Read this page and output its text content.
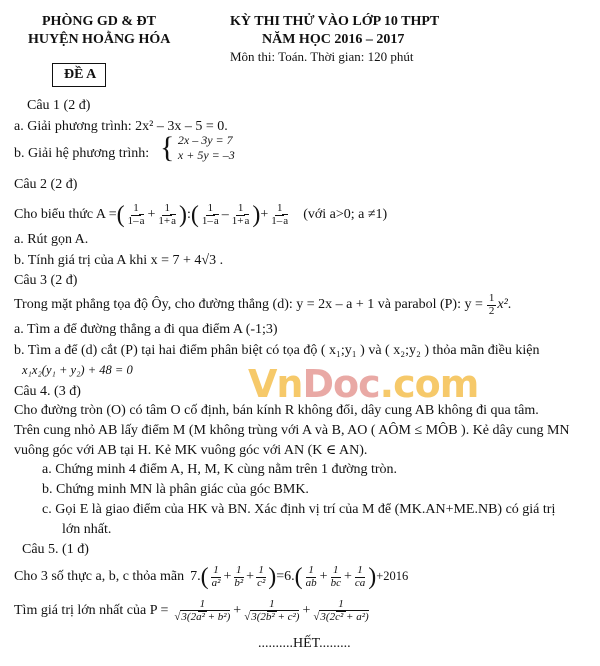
PHÒNG GD & ĐT
HUYỆN HOẰNG HÓA
ĐỀ A
KỲ THI THỬ VÀO LỚP 10 THPT
NĂM HỌC 2016 – 2017
Môn thi: Toán. Thời gian: 120 phút
Câu 1 (2 đ)
a. Giải phương trình: 2x² – 3x – 5 = 0.
b. Giải hệ phương trình: { 2x – 3y = 7
x + 5y = –3
Câu 2 (2 đ)
Cho biểu thức A = ( $\frac{1}{1-a} + \frac{1}{1+a}$ ) : ( $\frac{1}{1-a} - \frac{1}{1+a}$ ) + $\frac{1}{1-a}$ (với a>0; a ≠1)
a. Rút gọn A.
b. Tính giá trị của A khi x = 7 + 4√3 .
Câu 3 (2 đ)
Trong mặt phẳng tọa độ Ôy, cho đường thẳng (d): y = 2x – a + 1 và parabol (P): $y = \frac{1}{2} x^2$ .
a. Tìm a để đường thẳng a đi qua điểm A (-1;3)
b. Tìm a để (d) cắt (P) tại hai điểm phân biệt có tọa độ ( x₁;y₁ ) và ( x₂;y₂ ) thỏa mãn điều kiện
x₁x₂(y₁ + y₂) + 48 = 0
Câu 4. (3 đ)
Cho đường tròn (O) có tâm O cố định, bán kính R không đổi, dây cung AB không đi qua tâm.
Trên cung nhỏ AB lấy điểm M (M không trùng với A và B, AO ( AÔM ≤ MÔB ). Kẻ dây cung MN
vuông góc với AB tại H. Kẻ MK vuông góc với AN (K ∈ AN).
a. Chứng minh 4 điểm A, H, M, K cùng nằm trên 1 đường tròn.
b. Chứng minh MN là phân giác của góc BMK.
c. Gọi E là giao điểm của HK và BN. Xác định vị trí của M để (MK.AN+ME.NB) có giá trị
lớn nhất.
Câu 5. (1 đ)
Cho 3 số thực a, b, c thỏa mãn 7. ( $\frac{1}{\text{a²}} + \frac{1}{\text{b²}} + \frac{1}{\text{c²}}$ ) =6. ( $\frac{1}{ab} + \frac{1}{bc} + \frac{1}{ca}$ ) +2016
Tìm giá trị lớn nhất của $P = \frac{1}{\text{√3(2a² + b²)}} + \frac{1}{\text{√3(2b² + c²)}} + \frac{1}{\text{√3(2c² + a²)}}$
..........HẾT.........
VnDoc.com
